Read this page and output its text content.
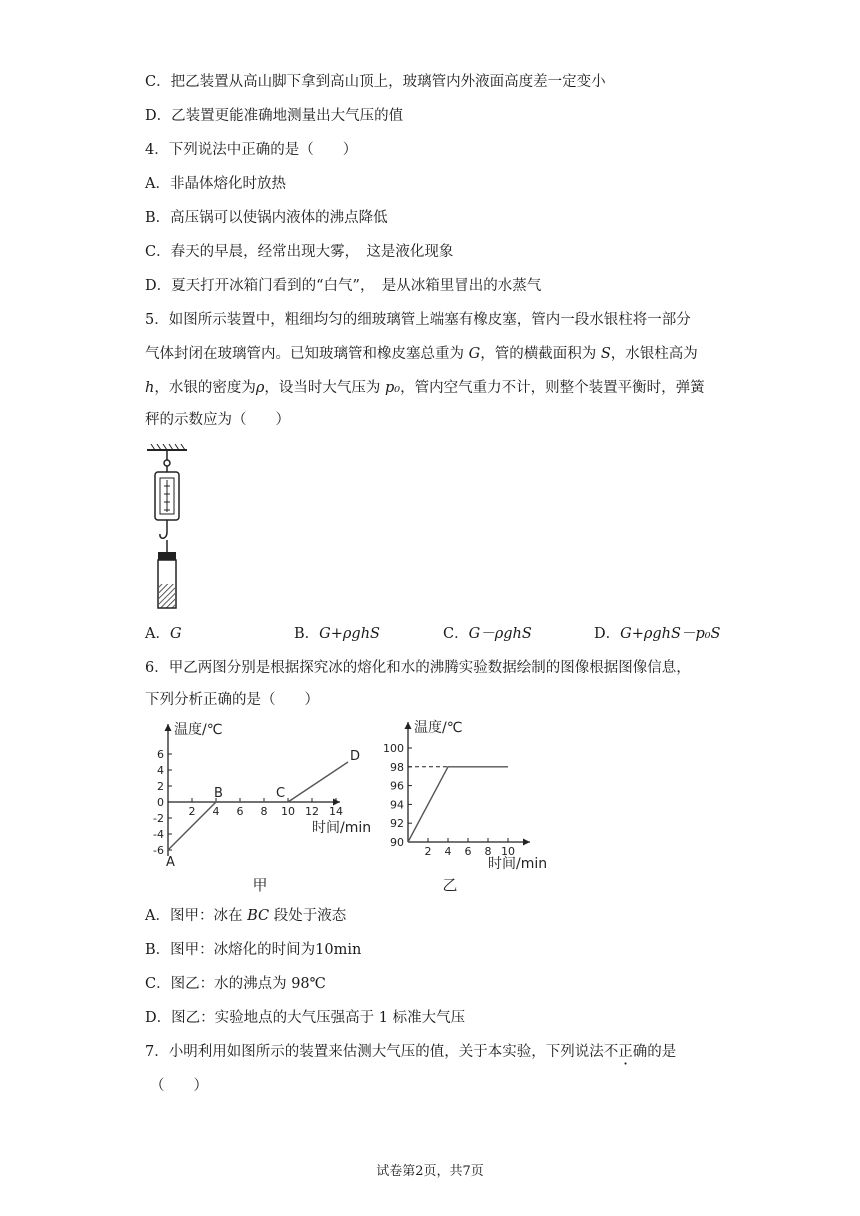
C．把乙装置从高山脚下拿到高山顶上，玻璃管内外液面高度差一定变小
D．乙装置更能准确地测量出大气压的值
4．下列说法中正确的是（　　）
A．非晶体熔化时放热
B．高压锅可以使锅内液体的沸点降低
C．春天的早晨，经常出现大雾，　这是液化现象
D．夏天打开冰箱门看到的“白气”，　是从冰箱里冒出的水蒸气
5．如图所示装置中，粗细均匀的细玻璃管上端塞有橡皮塞，管内一段水银柱将一部分
气体封闭在玻璃管内。已知玻璃管和橡皮塞总重为 G，管的横截面积为 S，水银柱高为
h，水银的密度为ρ，设当时大气压为 p₀，管内空气重力不计，则整个装置平衡时，弹簧
秤的示数应为（　　）
A．G	B．G+ρghS	C．G－ρghS	D．G+ρghS－p₀S
6．甲乙两图分别是根据探究冰的熔化和水的沸腾实验数据绘制的图像根据图像信息，
下列分析正确的是（　　）
-6
-4
-2
0
2
4
6
2 4 6 8 10 12 14
温度/℃
时间/min
A
B	C
D
甲
90
92
94
96
98
100
2 4 6 8 10
温度/℃
时间/min
乙
A．图甲：冰在 BC 段处于液态
B．图甲：冰熔化的时间为10min
C．图乙：水的沸点为 98℃
D．图乙：实验地点的大气压强高于 1 标准大气压
7．小明利用如图所示的装置来估测大气压的值，关于本实验，下列说法不正确的是
（　　）
试卷第2页，共7页
